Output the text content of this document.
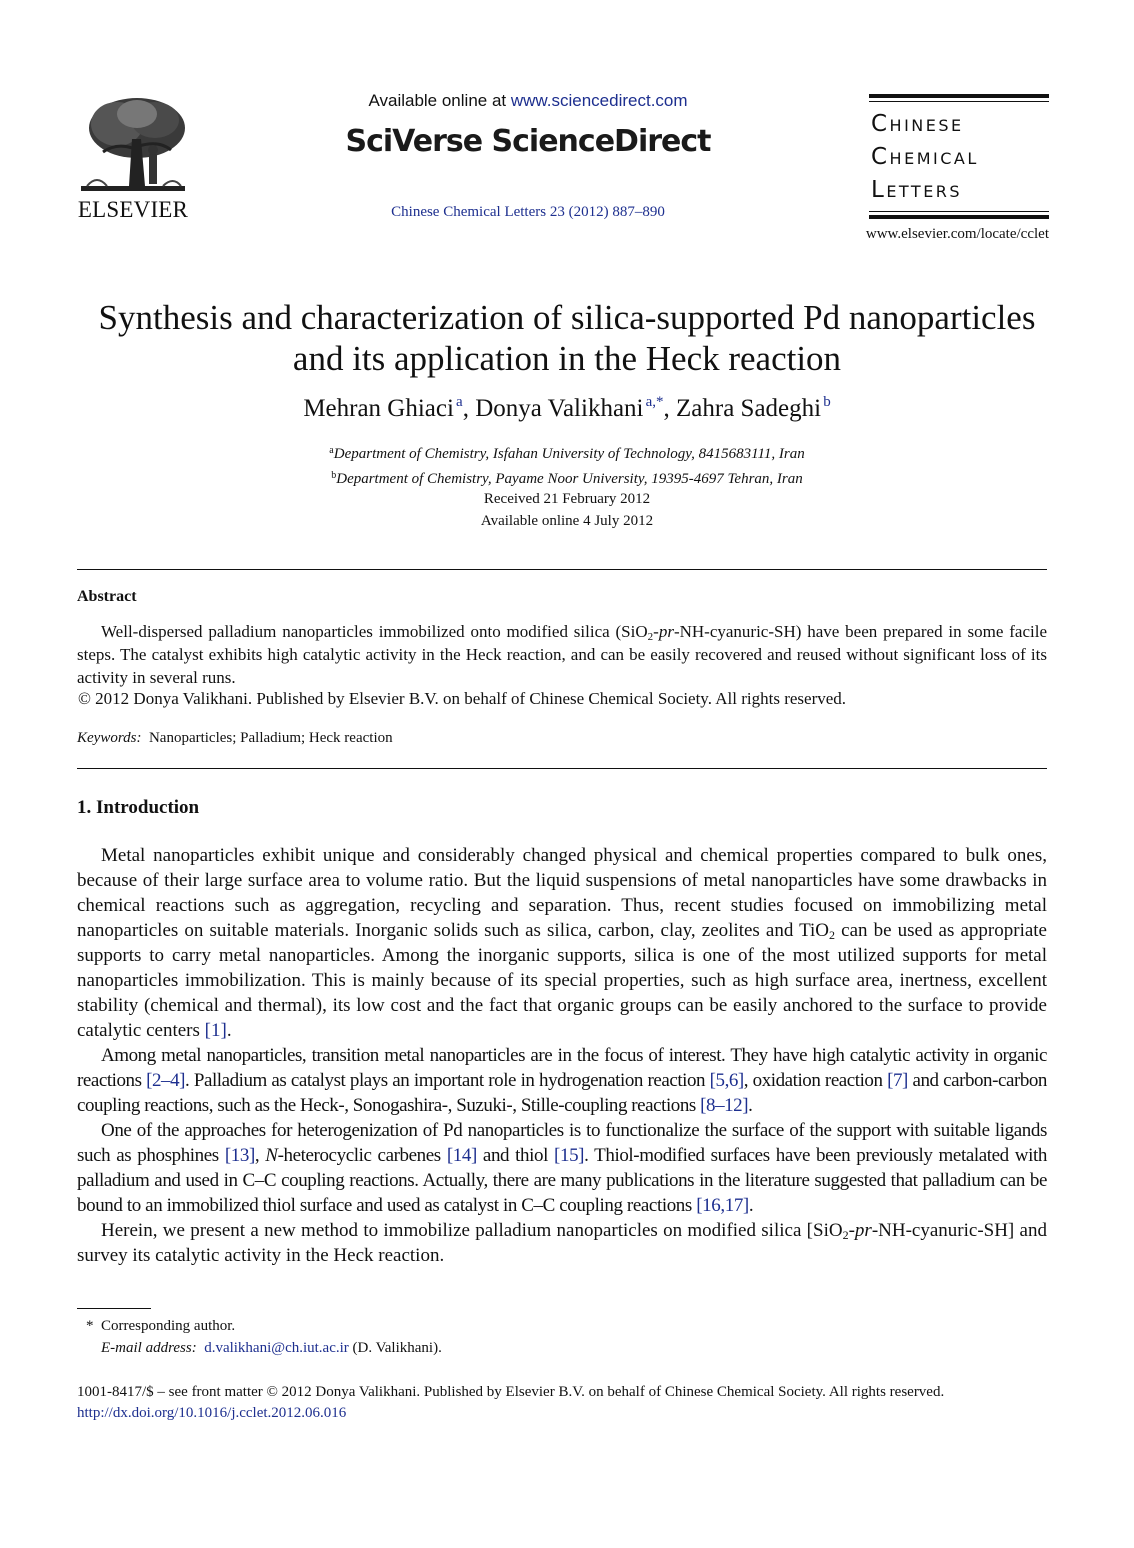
ELSEVIER
Available online at www.sciencedirect.com
SciVerse ScienceDirect
Chinese Chemical Letters 23 (2012) 887–890
Chinese
Chemical
Letters
www.elsevier.com/locate/cclet
Synthesis and characterization of silica-supported Pd nanoparticles
and its application in the Heck reaction
Mehran Ghiaci  $^a$, Donya Valikhani  $^{a,*}$, Zahra Sadeghi  $^b$
$^a$Department of Chemistry, Isfahan University of Technology, 8415683111, Iran
$^b$Department of Chemistry, Payame Noor University, 19395-4697 Tehran, Iran
Received 21 February 2012
Available online 4 July 2012
Abstract

Well-dispersed palladium nanoparticles immobilized onto modified silica (SiO$_2$-pr-NH-cyanuric-SH) have been prepared in some facile steps. The catalyst exhibits high catalytic activity in the Heck reaction, and can be easily recovered and reused without significant loss of its activity in several runs.

© 2012 Donya Valikhani. Published by Elsevier B.V. on behalf of Chinese Chemical Society. All rights reserved.
Keywords: Nanoparticles; Palladium; Heck reaction
1. Introduction

Metal nanoparticles exhibit unique and considerably changed physical and chemical properties compared to bulk ones, because of their large surface area to volume ratio. But the liquid suspensions of metal nanoparticles have some drawbacks in chemical reactions such as aggregation, recycling and separation. Thus, recent studies focused on immobilizing metal nanoparticles on suitable materials. Inorganic solids such as silica, carbon, clay, zeolites and TiO$_2$ can be used as appropriate supports to carry metal nanoparticles. Among the inorganic supports, silica is one of the most utilized supports for metal nanoparticles immobilization. This is mainly because of its special properties, such as high surface area, inertness, excellent stability (chemical and thermal), its low cost and the fact that organic groups can be easily anchored to the surface to provide catalytic centers [1].

Among metal nanoparticles, transition metal nanoparticles are in the focus of interest. They have high catalytic activity in organic reactions [2–4]. Palladium as catalyst plays an important role in hydrogenation reaction [5,6], oxidation reaction [7] and carbon-carbon coupling reactions, such as the Heck-, Sonogashira-, Suzuki-, Stille-coupling reactions [8–12].

One of the approaches for heterogenization of Pd nanoparticles is to functionalize the surface of the support with suitable ligands such as phosphines [13], N-heterocyclic carbenes [14] and thiol [15]. Thiol-modified surfaces have been previously metalated with palladium and used in C–C coupling reactions. Actually, there are many publications in the literature suggested that palladium can be bound to an immobilized thiol surface and used as catalyst in C–C coupling reactions [16,17].

Herein, we present a new method to immobilize palladium nanoparticles on modified silica [SiO$_2$-pr-NH-cyanuric-SH] and survey its catalytic activity in the Heck reaction.

* Corresponding author.
E-mail address: d.valikhani@ch.iut.ac.ir (D. Valikhani).
1001-8417/$ – see front matter © 2012 Donya Valikhani. Published by Elsevier B.V. on behalf of Chinese Chemical Society. All rights reserved.
http://dx.doi.org/10.1016/j.cclet.2012.06.016
